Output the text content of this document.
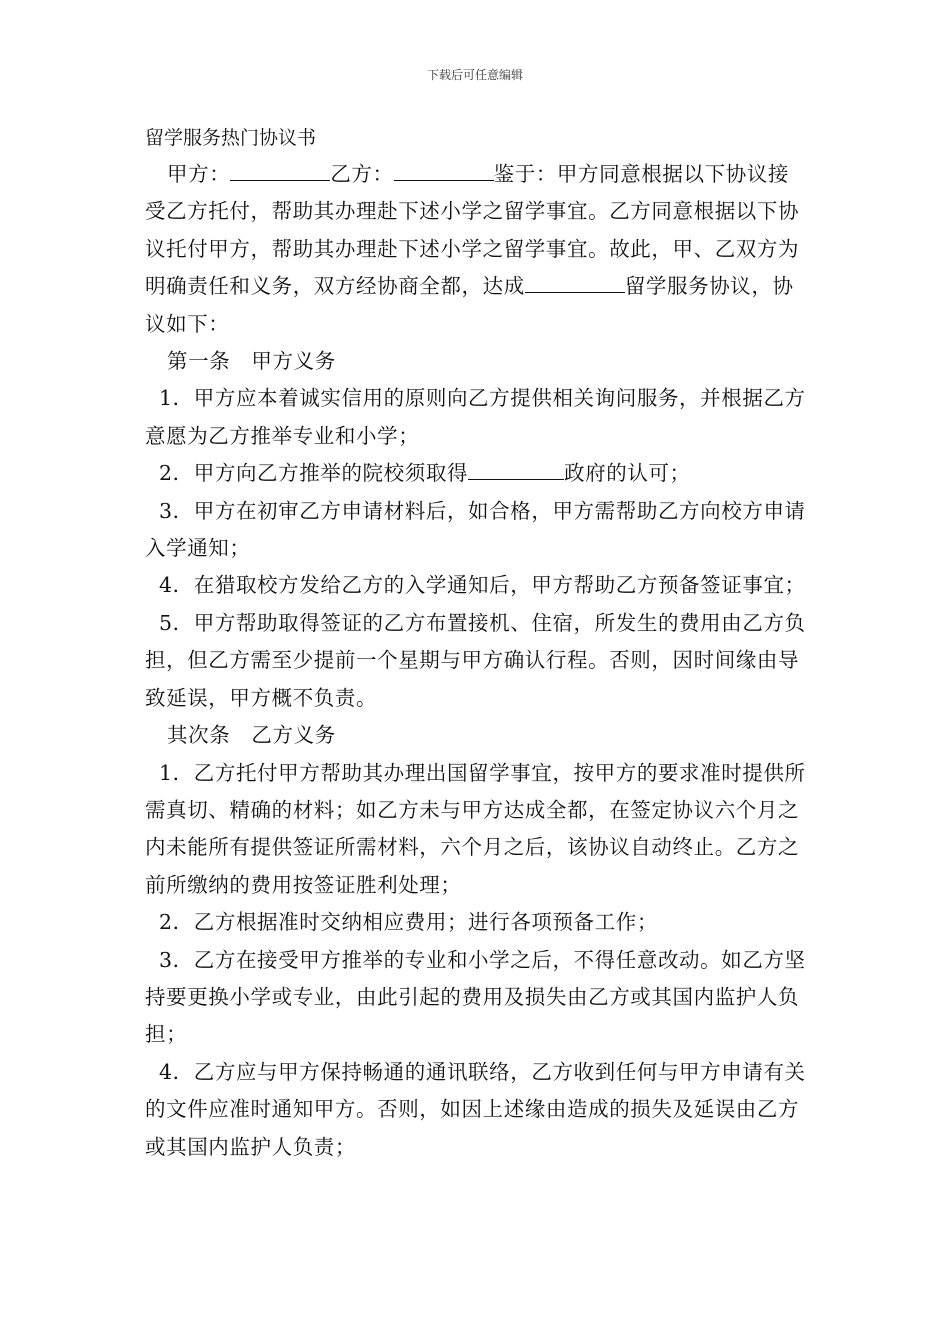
下载后可任意编辑
留学服务热门协议书

甲方：	乙方：	鉴于：甲方同意根据以下协议接受乙方托付，帮助其办理赴下述小学之留学事宜。乙方同意根据以下协议托付甲方，帮助其办理赴下述小学之留学事宜。故此，甲、乙双方为明确责任和义务，双方经协商全都，达成	留学服务协议，协议如下：

第一条　甲方义务

1．甲方应本着诚实信用的原则向乙方提供相关询问服务，并根据乙方意愿为乙方推举专业和小学；

2．甲方向乙方推举的院校须取得	政府的认可；

3．甲方在初审乙方申请材料后，如合格，甲方需帮助乙方向校方申请入学通知；

4．在猎取校方发给乙方的入学通知后，甲方帮助乙方预备签证事宜；

5．甲方帮助取得签证的乙方布置接机、住宿，所发生的费用由乙方负担，但乙方需至少提前一个星期与甲方确认行程。否则，因时间缘由导致延误，甲方概不负责。

其次条　乙方义务

1．乙方托付甲方帮助其办理出国留学事宜，按甲方的要求准时提供所需真切、精确的材料；如乙方未与甲方达成全都，在签定协议六个月之内未能所有提供签证所需材料，六个月之后，该协议自动终止。乙方之前所缴纳的费用按签证胜利处理；

2．乙方根据准时交纳相应费用；进行各项预备工作；

3．乙方在接受甲方推举的专业和小学之后，不得任意改动。如乙方坚持要更换小学或专业，由此引起的费用及损失由乙方或其国内监护人负担；

4．乙方应与甲方保持畅通的通讯联络，乙方收到任何与甲方申请有关的文件应准时通知甲方。否则，如因上述缘由造成的损失及延误由乙方或其国内监护人负责；
